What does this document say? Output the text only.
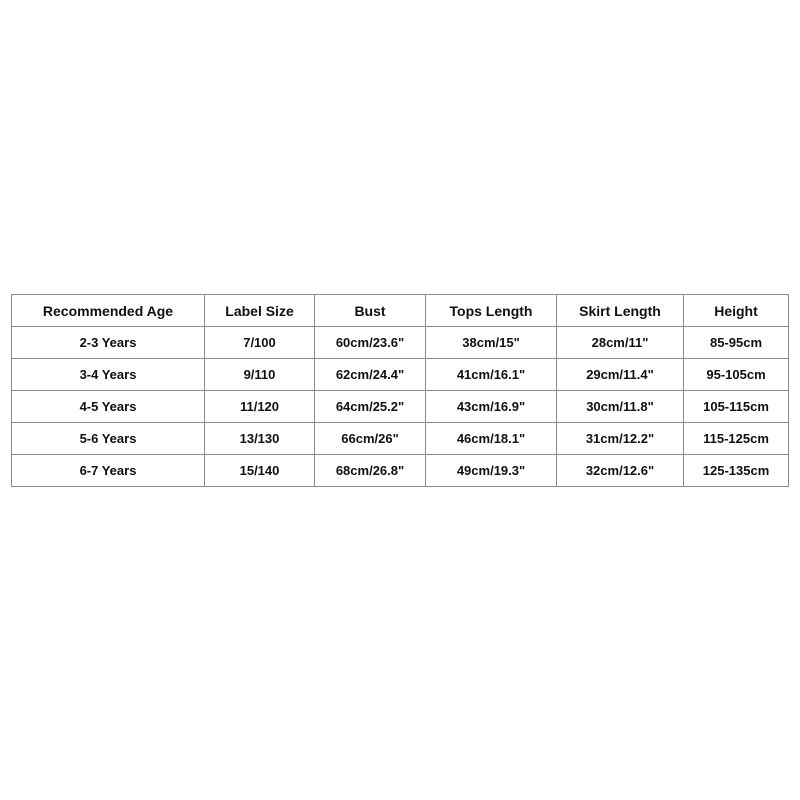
Recommended Age	Label Size	Bust	Tops Length	Skirt Length	Height
2-3 Years	7/100	60cm/23.6"	38cm/15"	28cm/11"	85-95cm
3-4 Years	9/110	62cm/24.4"	41cm/16.1"	29cm/11.4"	95-105cm
4-5 Years	11/120	64cm/25.2"	43cm/16.9"	30cm/11.8"	105-115cm
5-6 Years	13/130	66cm/26"	46cm/18.1"	31cm/12.2"	115-125cm
6-7 Years	15/140	68cm/26.8"	49cm/19.3"	32cm/12.6"	125-135cm
